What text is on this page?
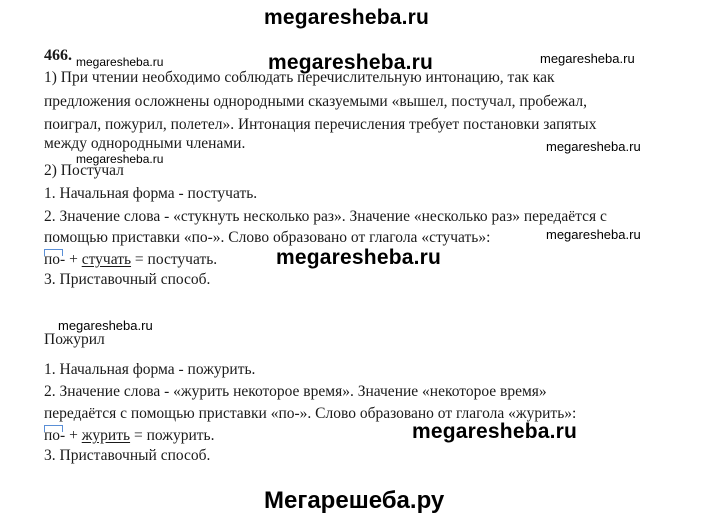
megaresheba.ru
466. megaresheba.ru	megaresheba.ru	megaresheba.ru
1) При чтении необходимо соблюдать перечислительную интонацию, так как
предложения осложнены однородными сказуемыми «вышел, постучал, пробежал,
поиграл, пожурил, полетел». Интонация перечисления требует постановки запятых
между однородными членами.	megaresheba.ru
megaresheba.ru
2) Постучал
1. Начальная форма - постучать.
2. Значение слова - «стукнуть несколько раз». Значение «несколько раз» передаётся с
помощью приставки «по-». Слово образовано от глагола «стучать»:	megaresheba.ru
по- + стучать = постучать.	megaresheba.ru
3. Приставочный способ.
megaresheba.ru
Пожурил
1. Начальная форма - пожурить.
2. Значение слова - «журить некоторое время». Значение «некоторое время»
передаётся с помощью приставки «по-». Слово образовано от глагола «журить»:
по- + журить = пожурить.	megaresheba.ru
3. Приставочный способ.
Мегарешеба.ру
